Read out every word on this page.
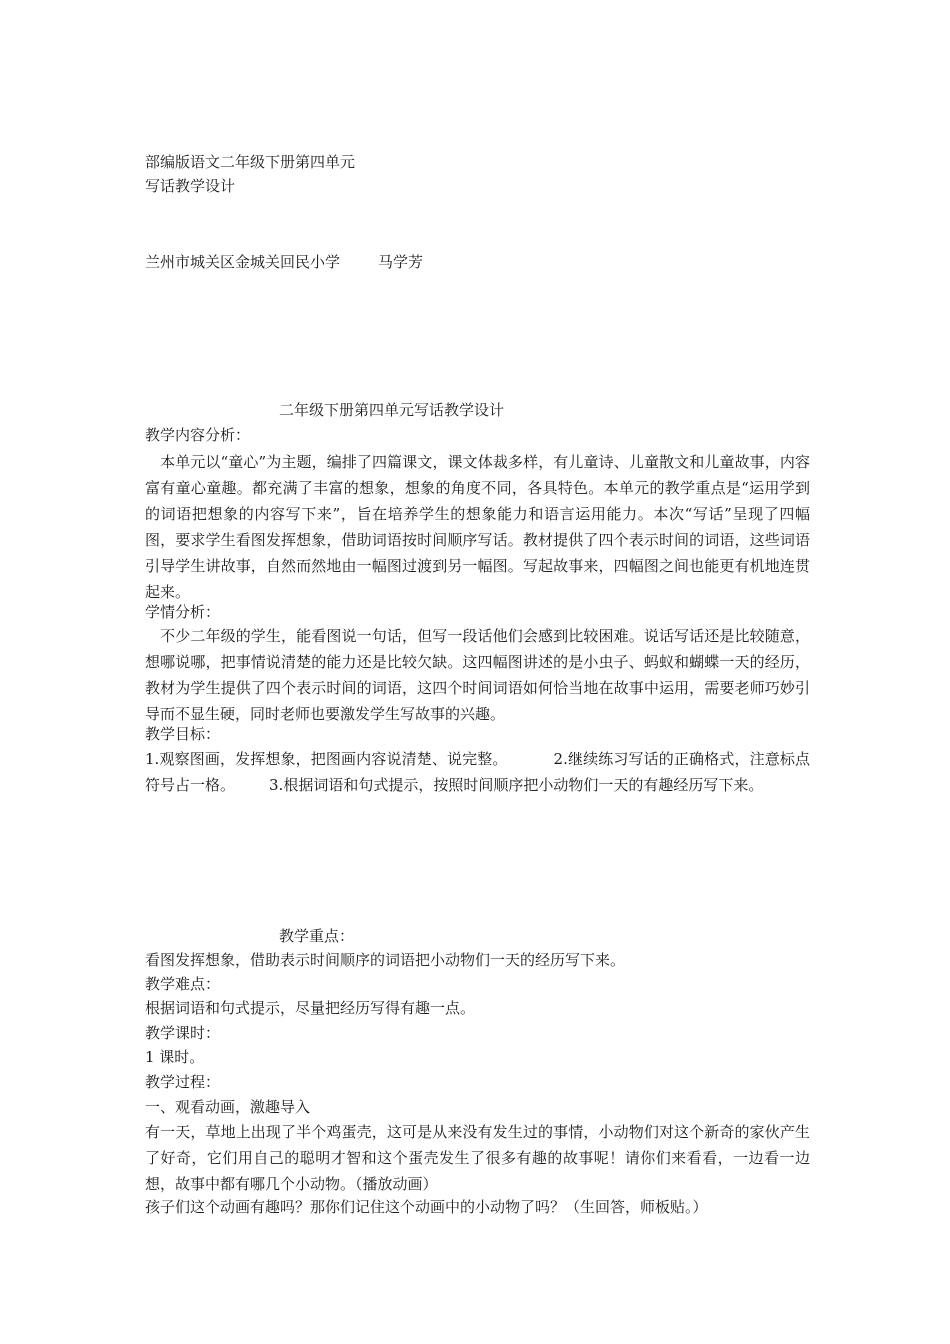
部编版语文二年级下册第四单元
写话教学设计
兰州市城关区金城关回民小学	马学芳
二年级下册第四单元写话教学设计
教学内容分析：
本单元以“童心”为主题，编排了四篇课文，课文体裁多样，有儿童诗、儿童散文和儿童故事，内容富有童心童趣。都充满了丰富的想象，想象的角度不同，各具特色。本单元的教学重点是“运用学到的词语把想象的内容写下来”，旨在培养学生的想象能力和语言运用能力。本次“写话”呈现了四幅图，要求学生看图发挥想象，借助词语按时间顺序写话。教材提供了四个表示时间的词语，这些词语引导学生讲故事，自然而然地由一幅图过渡到另一幅图。写起故事来，四幅图之间也能更有机地连贯起来。
学情分析：
不少二年级的学生，能看图说一句话，但写一段话他们会感到比较困难。说话写话还是比较随意，想哪说哪，把事情说清楚的能力还是比较欠缺。这四幅图讲述的是小虫子、蚂蚁和蝴蝶一天的经历，教材为学生提供了四个表示时间的词语，这四个时间词语如何恰当地在故事中运用，需要老师巧妙引导而不显生硬，同时老师也要激发学生写故事的兴趣。
教学目标：
1.观察图画，发挥想象，把图画内容说清楚、说完整。	2.继续练习写话的正确格式，注意标点符号占一格。 3.根据词语和句式提示，按照时间顺序把小动物们一天的有趣经历写下来。
教学重点：
看图发挥想象，借助表示时间顺序的词语把小动物们一天的经历写下来。
教学难点：
根据词语和句式提示，尽量把经历写得有趣一点。
教学课时：
1 课时。
教学过程：
一、观看动画，激趣导入
有一天，草地上出现了半个鸡蛋壳，这可是从来没有发生过的事情，小动物们对这个新奇的家伙产生了好奇，它们用自己的聪明才智和这个蛋壳发生了很多有趣的故事呢！请你们来看看，一边看一边想，故事中都有哪几个小动物。（播放动画）
孩子们这个动画有趣吗？那你们记住这个动画中的小动物了吗？（生回答，师板贴。）
